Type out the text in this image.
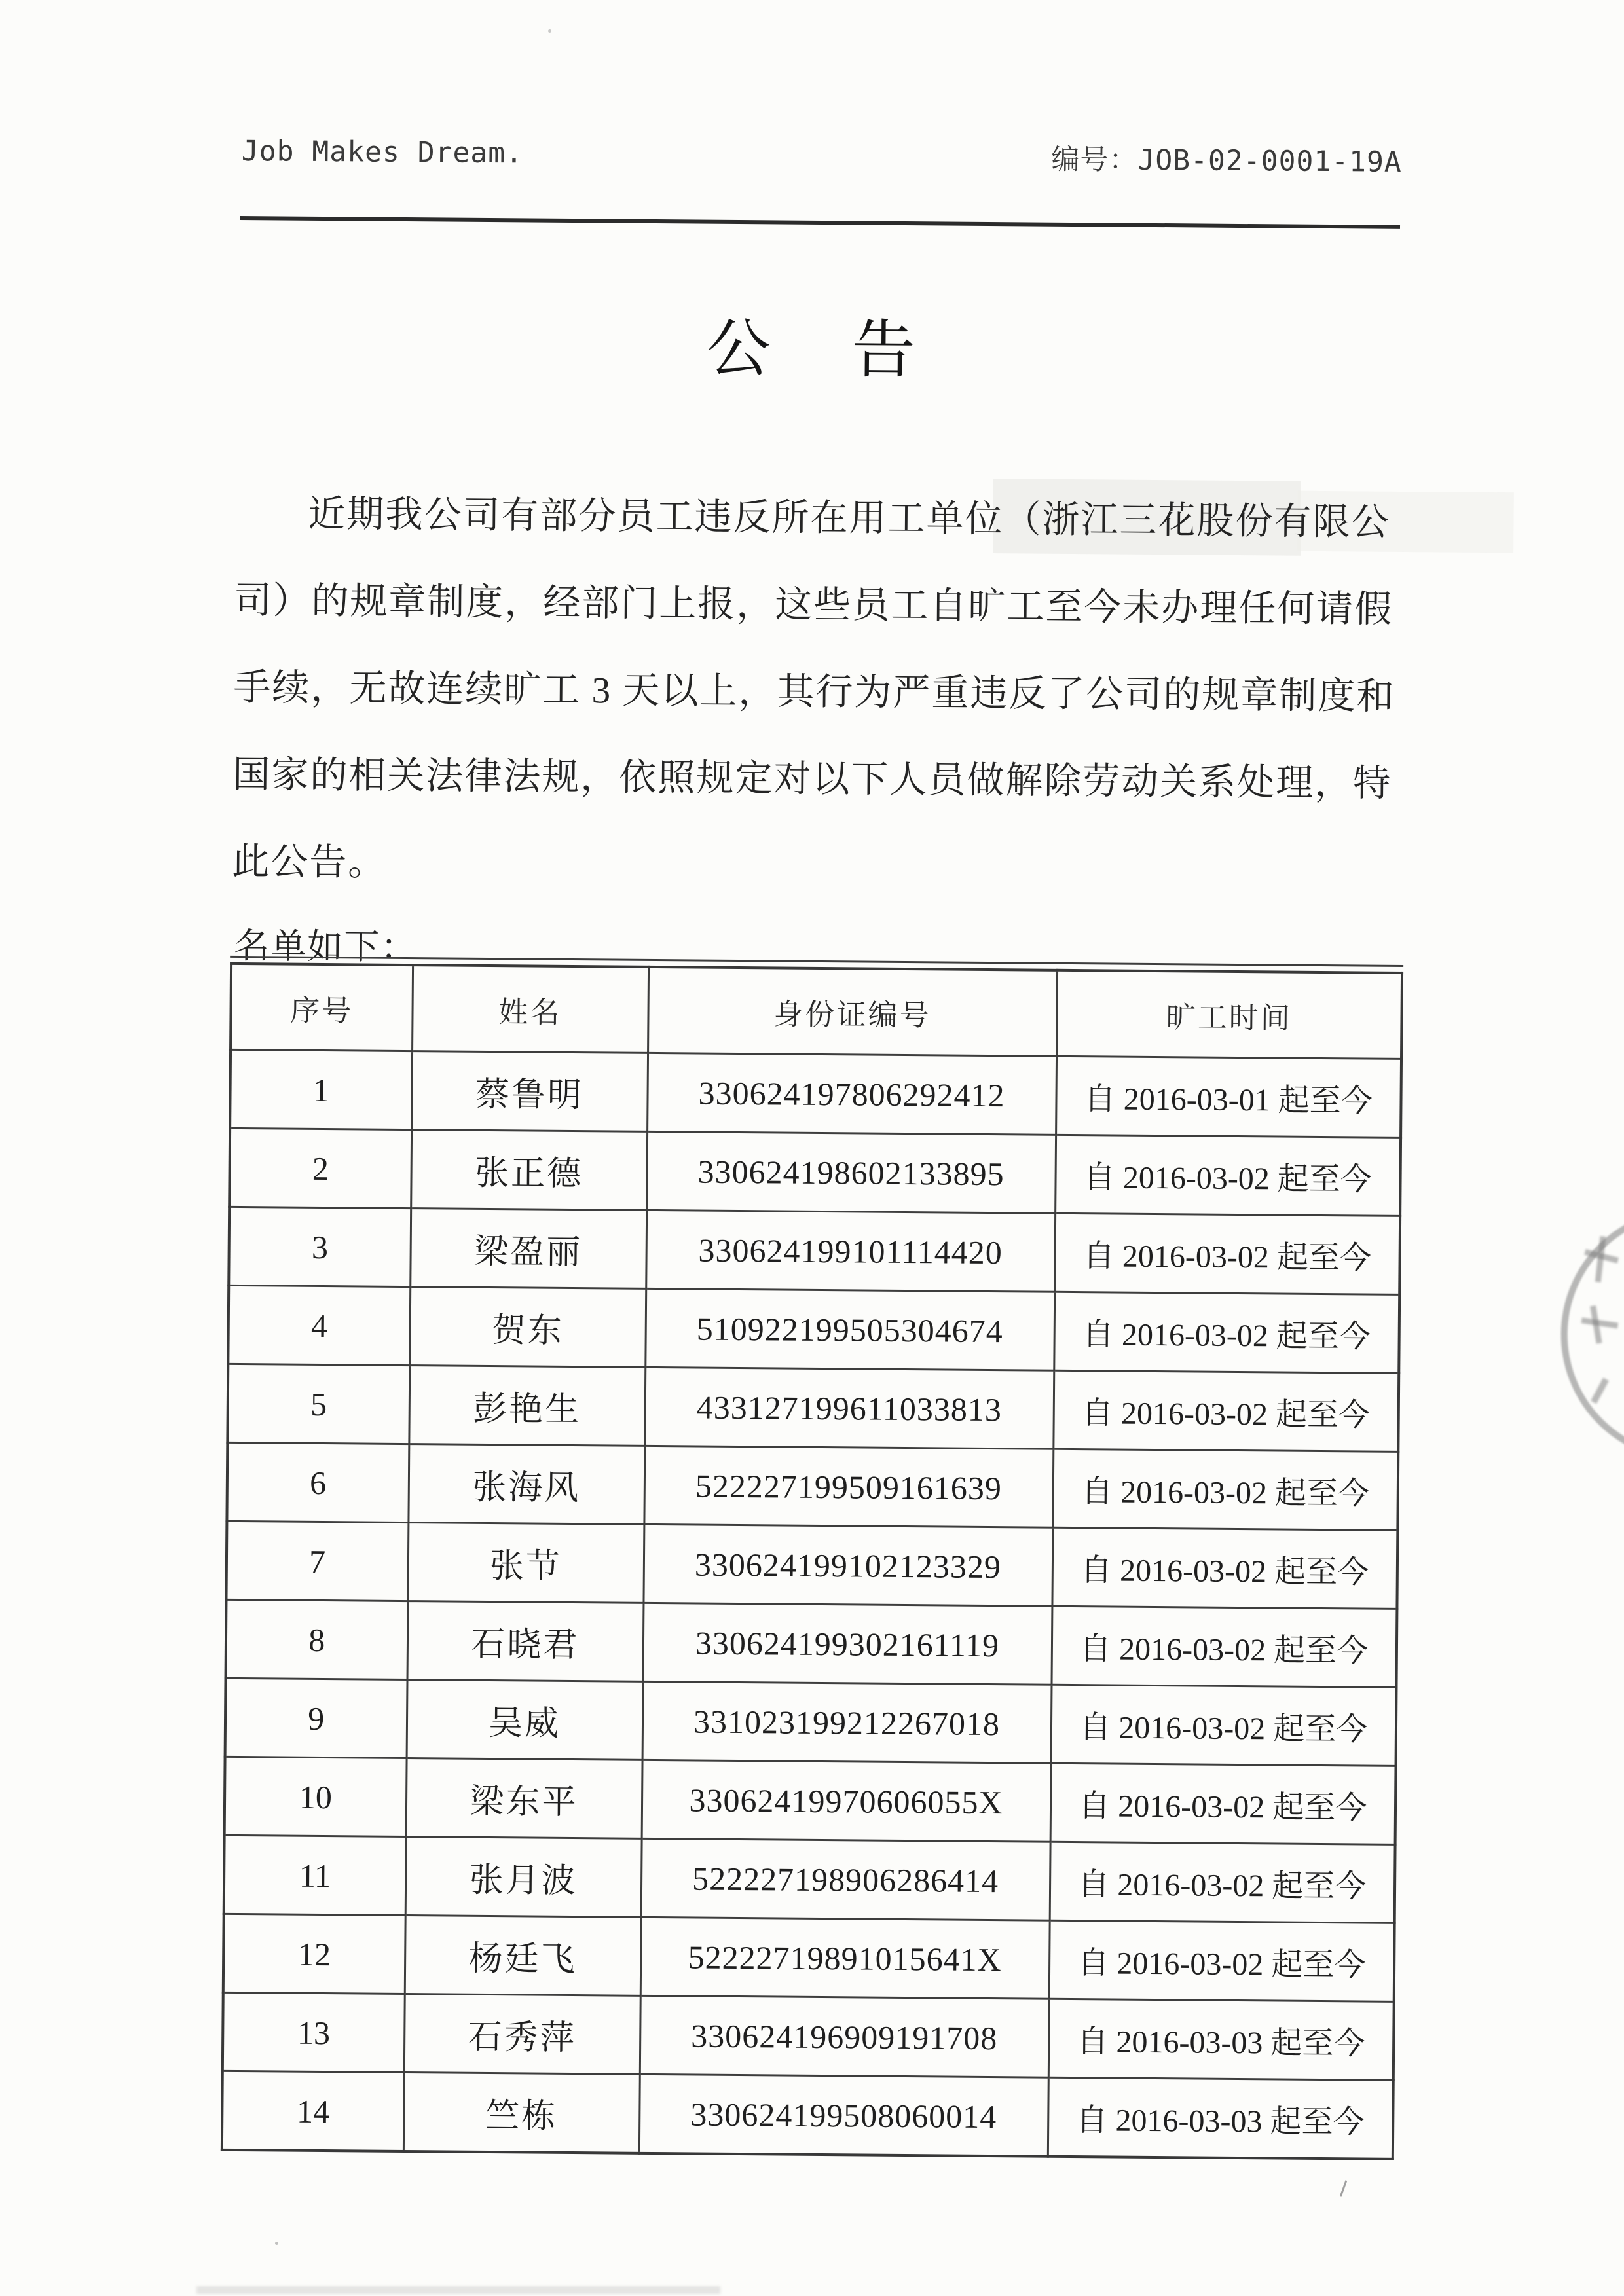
Job Makes Dream.	编号：JOB-02-0001-19A
公 告
近期我公司有部分员工违反所在用工单位（浙江三花股份有限公
司）的规章制度，经部门上报，这些员工自旷工至今未办理任何请假
手续，无故连续旷工 3 天以上，其行为严重违反了公司的规章制度和
国家的相关法律法规，依照规定对以下人员做解除劳动关系处理，特
此公告。
名单如下：
序号	姓名	身份证编号	旷工时间
1	蔡鲁明	330624197806292412	自 2016-03-01 起至今
2	张正德	330624198602133895	自 2016-03-02 起至今
3	梁盈丽	330624199101114420	自 2016-03-02 起至今
4	贺东	510922199505304674	自 2016-03-02 起至今
5	彭艳生	433127199611033813	自 2016-03-02 起至今
6	张海风	522227199509161639	自 2016-03-02 起至今
7	张节	330624199102123329	自 2016-03-02 起至今
8	石晓君	330624199302161119	自 2016-03-02 起至今
9	吴威	331023199212267018	自 2016-03-02 起至今
10	梁东平	33062419970606055X	自 2016-03-02 起至今
11	张月波	522227198906286414	自 2016-03-02 起至今
12	杨廷飞	52222719891015641X	自 2016-03-02 起至今
13	石秀萍	330624196909191708	自 2016-03-03 起至今
14	竺栋	330624199508060014	自 2016-03-03 起至今
